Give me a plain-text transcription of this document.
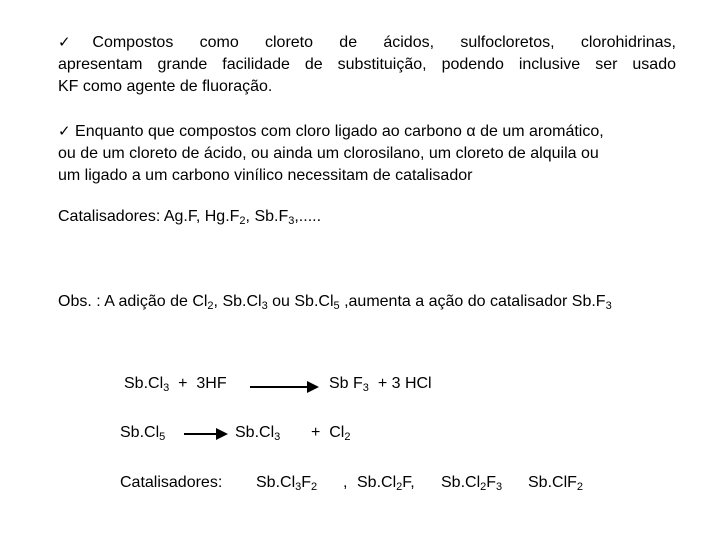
✓Compostos como cloreto de ácidos, sulfocloretos, clorohidrinas,
apresentam grande facilidade de substituição, podendo inclusive ser usado
KF como agente de fluoração.
✓ Enquanto que compostos com cloro ligado ao carbono α de um aromático,
ou de um cloreto de ácido, ou ainda um clorosilano, um cloreto de alquila ou
um ligado a um carbono vinílico necessitam de catalisador
Catalisadores: Ag.F, $Hg.F_2$, $Sb.F_3$,.....
Obs. : A adição de $Cl_2$, $Sb.Cl_3$ ou $Sb.Cl_5$ ,aumenta a ação do catalisador $Sb.F_3$
$Sb.Cl_3 + 3HF$	Sb $F_3 + 3$ HCl
$Sb.Cl_5 \to Sb.Cl_3 + Cl_2$
Catalisadores: $Sb.Cl_3F_2$ , $Sb.Cl_2F$, $Sb.Cl_2F_3$ Sb.ClF$_2$
